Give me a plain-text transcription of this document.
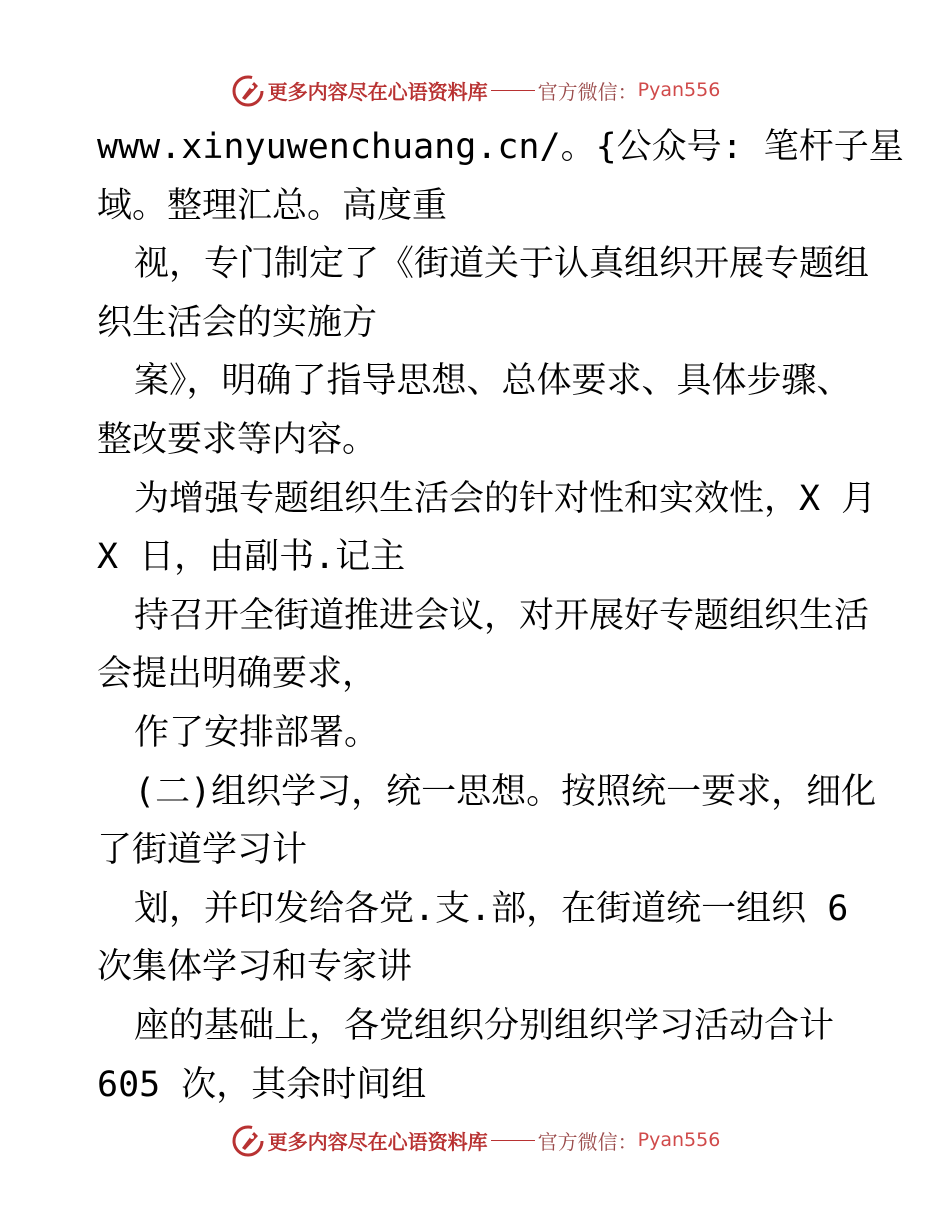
更多内容尽在心语资料库	官方微信： Pyan556
www.xinyuwenchuang.cn/。{公众号: 笔杆子星
域。整理汇总。高度重
视，专门制定了《街道关于认真组织开展专题组
织生活会的实施方
案》，明确了指导思想、总体要求、具体步骤、
整改要求等内容。
为增强专题组织生活会的针对性和实效性，X 月
X 日，由副书.记主
持召开全街道推进会议，对开展好专题组织生活
会提出明确要求，
作了安排部署。
(二)组织学习，统一思想。按照统一要求，细化
了街道学习计
划，并印发给各党.支.部，在街道统一组织 6
次集体学习和专家讲
座的基础上，各党组织分别组织学习活动合计
605 次，其余时间组
更多内容尽在心语资料库	官方微信： Pyan556
